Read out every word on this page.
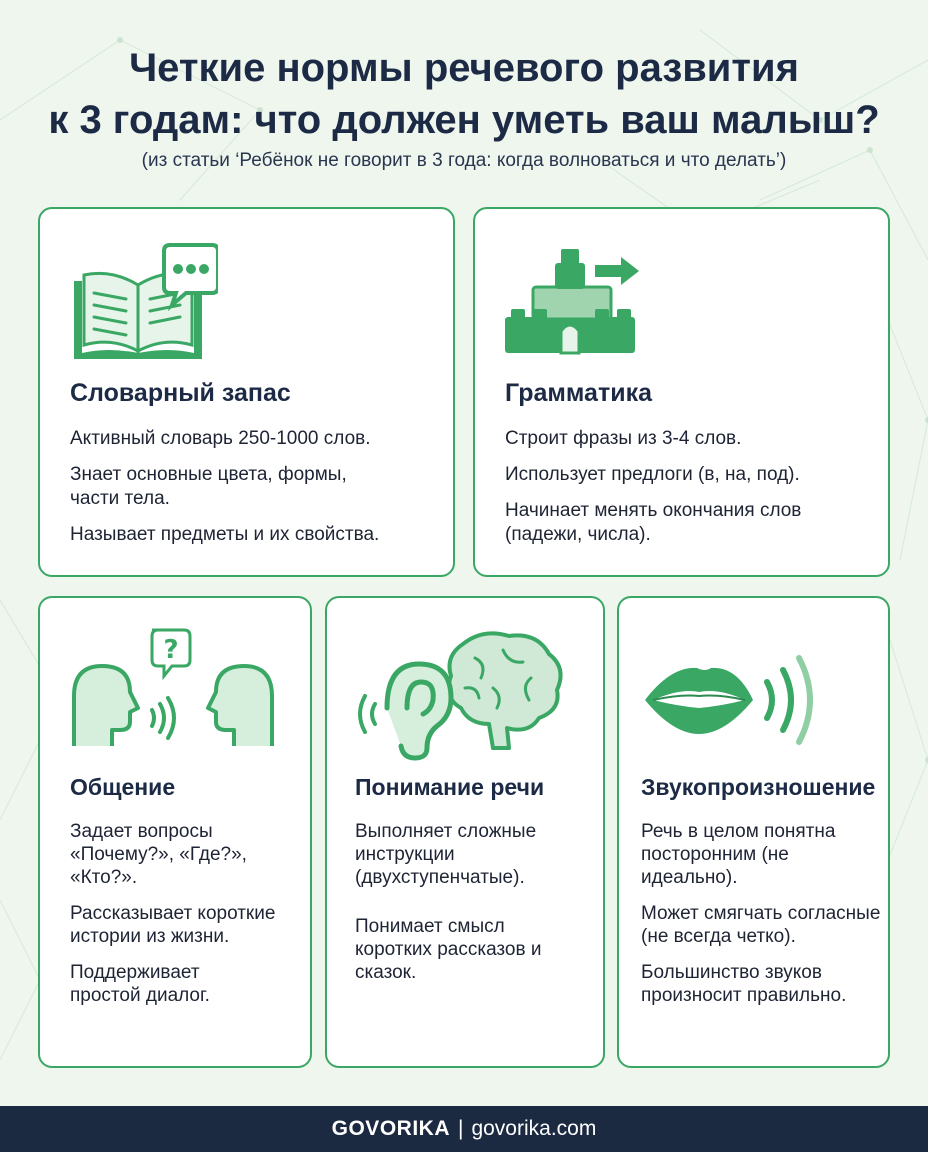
Четкие нормы речевого развития
к 3 годам: что должен уметь ваш малыш?
(из статьи ‘Ребёнок не говорит в 3 года: когда волноваться и что делать’)
Словарный запас

Активный словарь 250-1000 слов.

Знает основные цвета, формы, части тела.

Называет предметы и их свойства.

Грамматика

Строит фразы из 3-4 слов.

Использует предлоги (в, на, под).

Начинает менять окончания слов (падежи, числа).

?
Общение

Задает вопросы «Почему?», «Где?», «Кто?».

Рассказывает короткие истории из жизни.

Поддерживает простой диалог.

Понимание речи

Выполняет сложные инструкции (двухступенчатые).

Понимает смысл коротких рассказов и сказок.

Звукопроизношение

Речь в целом понятна посторонним (не идеально).

Может смягчать согласные (не всегда четко).

Большинство звуков произносит правильно.

GOVORIKA | govorika.com
